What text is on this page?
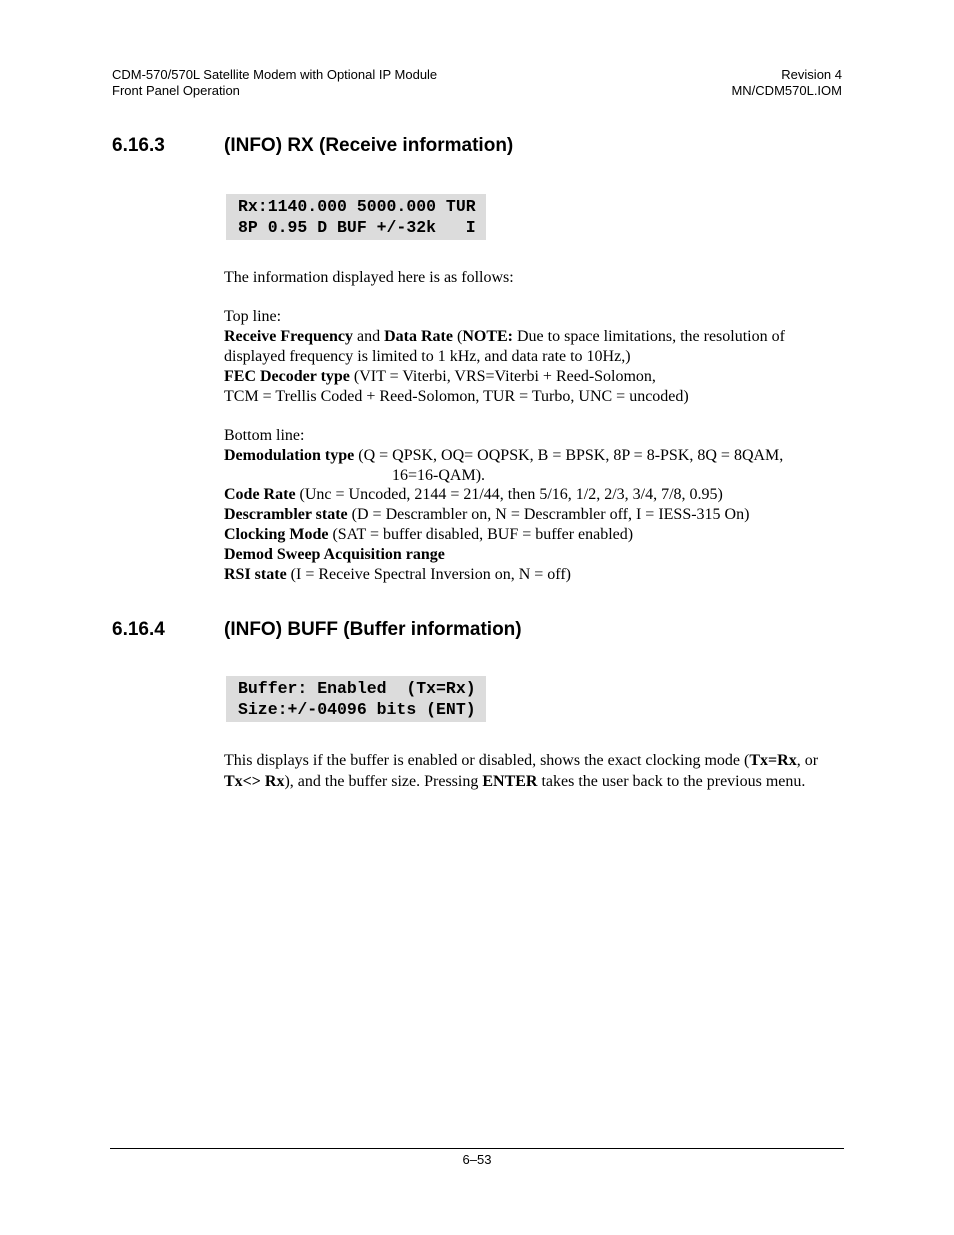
CDM-570/570L Satellite Modem with Optional IP Module
Front Panel Operation
Revision 4
MN/CDM570L.IOM
6.16.3	(INFO) RX (Receive information)
Rx:1140.000 5000.000 TUR
8P 0.95 D BUF +/-32k   I

The information displayed here is as follows:

Top line:

Receive Frequency and Data Rate (NOTE: Due to space limitations, the resolution of displayed frequency is limited to 1 kHz, and data rate to 10Hz,)

FEC Decoder type (VIT = Viterbi, VRS=Viterbi + Reed-Solomon,

TCM = Trellis Coded + Reed-Solomon, TUR = Turbo, UNC = uncoded)

Bottom line:

Demodulation type (Q = QPSK, OQ= OQPSK, B = BPSK, 8P = 8-PSK, 8Q = 8QAM,

16=16-QAM).

Code Rate (Unc = Uncoded, 2144 = 21/44, then 5/16, 1/2, 2/3, 3/4, 7/8, 0.95)

Descrambler state (D = Descrambler on, N = Descrambler off, I = IESS-315 On)

Clocking Mode (SAT = buffer disabled, BUF = buffer enabled)

Demod Sweep Acquisition range

RSI state (I = Receive Spectral Inversion on, N = off)

6.16.4	(INFO) BUFF (Buffer information)
Buffer: Enabled  (Tx=Rx)
Size:+/-04096 bits (ENT)

This displays if the buffer is enabled or disabled, shows the exact clocking mode (Tx=Rx, or Tx<> Rx), and the buffer size. Pressing ENTER takes the user back to the previous menu.

6–53
